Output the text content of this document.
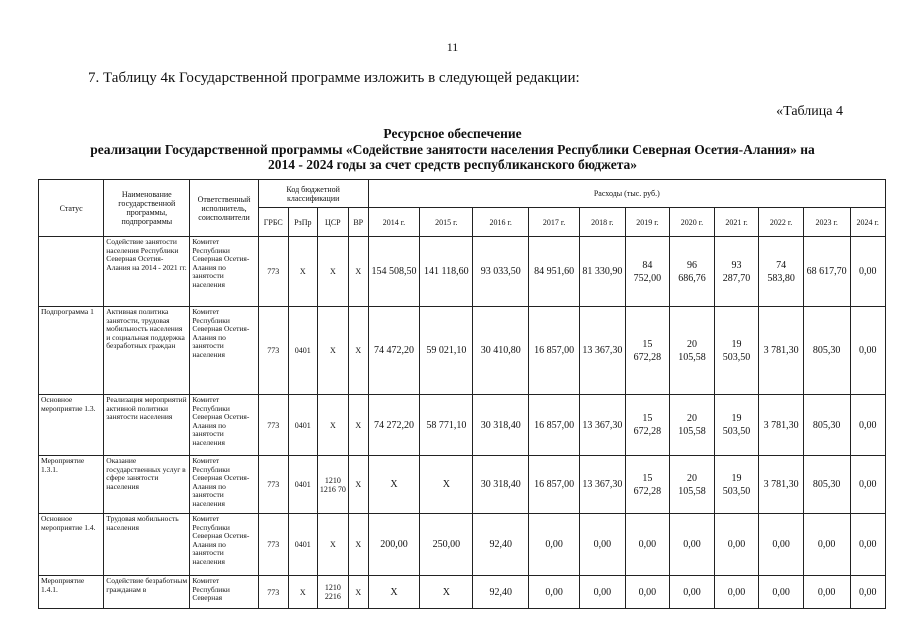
11
7. Таблицу 4к Государственной программе изложить в следующей редакции:
«Таблица 4
Ресурсное обеспечение
реализации Государственной программы «Содействие занятости населения Республики Северная Осетия-Алания» на
2014 - 2024 годы за счет средств республиканского бюджета»
Статус	Наименование государственной программы, подпрограммы	Ответственный исполнитель, соисполнители	Код бюджетной классификации				Расходы (тыс. руб.)										
			ГРБС	РзПр	ЦСР	ВР	2014 г.	2015 г.	2016 г.	2017 г.	2018 г.	2019 г.	2020 г.	2021 г.	2022 г.	2023 г.	2024 г.
	Содействие занятости населения Республики Северная Осетия-Алания на 2014 - 2021 гг.	Комитет Республики Северная Осетия-Алания по занятости населения	773	Х	Х	Х	154 508,50	141 118,60	93 033,50	84 951,60	81 330,90	84 752,00	96 686,76	93 287,70	74 583,80	68 617,70	0,00
Подпрограмма 1	Активная политика занятости, трудовая мобильность населения и социальная поддержка безработных граждан	Комитет Республики Северная Осетия-Алания по занятости населения	773	0401	Х	Х	74 472,20	59 021,10	30 410,80	16 857,00	13 367,30	15 672,28	20 105,58	19 503,50	3 781,30	805,30	0,00
Основное мероприятие 1.3.	Реализация мероприятий активной политики занятости населения	Комитет Республики Северная Осетия-Алания по занятости населения	773	0401	Х	Х	74 272,20	58 771,10	30 318,40	16 857,00	13 367,30	15 672,28	20 105,58	19 503,50	3 781,30	805,30	0,00
Мероприятие 1.3.1.	Оказание государственных услуг в сфере занятости населения	Комитет Республики Северная Осетия-Алания по занятости населения	773	0401	1210 1216 70	Х	Х	Х	30 318,40	16 857,00	13 367,30	15 672,28	20 105,58	19 503,50	3 781,30	805,30	0,00
Основное мероприятие 1.4.	Трудовая мобильность населения	Комитет Республики Северная Осетия-Алания по занятости населения	773	0401	Х	Х	200,00	250,00	92,40	0,00	0,00	0,00	0,00	0,00	0,00	0,00	0,00
Мероприятие 1.4.1.	Содействие безработным гражданам в	Комитет Республики Северная	773	Х	1210 2216	Х	Х	Х	92,40	0,00	0,00	0,00	0,00	0,00	0,00	0,00	0,00
